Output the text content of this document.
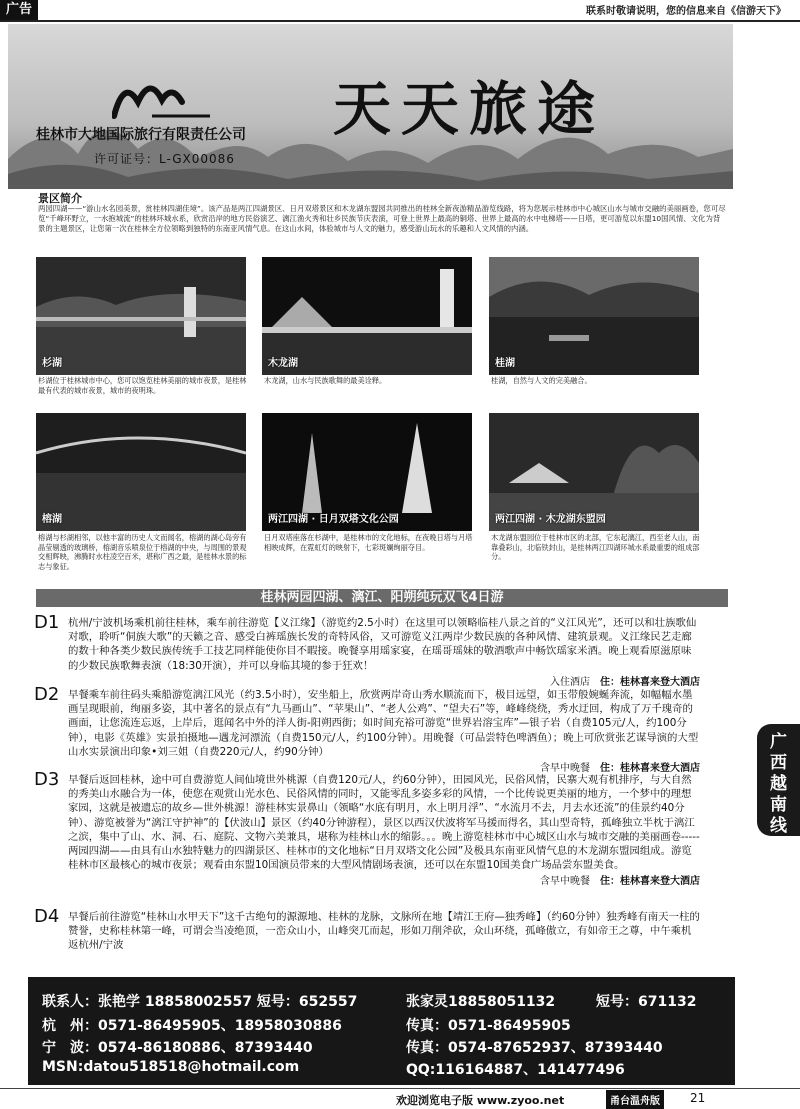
广告	联系时敬请说明，您的信息来自《信游天下》
桂林市大地国际旅行有限责任公司
许可证号：L-GX00086
天天旅途
景区简介
两园四湖——“游山水名园美景，赏桂林四湖佳境”。该产品是两江四湖景区、日月双塔景区和木龙湖东盟园共同推出的桂林全新夜游精品游览线路，将为您展示桂林市中心城区山水与城市交融的美丽画卷，您可尽览“千峰环野立，一水抱城流”的桂林环城水系，欣赏沿岸的地方民俗演艺、漓江渔火秀和壮乡民族节庆表演，可登上世界上最高的铜塔、世界上最高的水中电梯塔——日塔，更可游览以东盟10国风情、文化为背景的主题景区，让您第一次在桂林全方位领略到独特的东南亚风情气息。在这山水间，体验城市与人文的魅力，感受游山玩水的乐趣和人文风情的内涵。
杉湖	木龙湖	桂湖
杉湖位于桂林城市中心，您可以饱览桂林美丽的城市夜景，是桂林最有代表的城市夜景，城市的夜明珠。
木龙湖，山水与民族歌舞的最美诠释。	桂湖，自然与人文的完美融合。
榕湖	两江四湖 · 日月双塔文化公园	两江四湖 · 木龙湖东盟园
榕湖与杉湖相邻，以他丰富的历史人文而闻名，榕湖的湖心岛旁有晶莹剔透的玻璃桥，榕湖音乐喷泉位于榕湖的中央，与周围的景观交相辉映，沸腾时水柱凌空百米，堪称广西之最，是桂林水景的标志与象征。
日月双塔座落在杉湖中，是桂林市的文化地标，在夜晚日塔与月塔相映成辉，在霓虹灯的映射下，七彩斑斓绚丽夺目。
木龙湖东盟园位于桂林市区的北部，它东起漓江，西至老人山，南靠叠彩山，北临铁封山，是桂林两江四湖环城水系最重要的组成部分。
桂林两园四湖、漓江、阳朔纯玩双飞4日游
D1 杭州/宁波机场乘机前往桂林，乘车前往游览【义江缘】（游览约2.5小时）在这里可以领略临桂八景之首的“义江风光”，还可以和壮族歌仙对歌，聆听“侗族大歌”的天籁之音、感受白裤瑶族长发的奇特风俗，又可游览义江两岸少数民族的各种风情、建筑景观。义江缘民艺走廊的数十种各类少数民族传统手工技艺同样能使你目不暇接。晚餐享用瑶家宴，在瑶哥瑶妹的敬酒歌声中畅饮瑶家米酒。晚上观看原滋原味的少数民族歌舞表演（18:30开演），并可以身临其境的参于狂欢！
入住酒店　 住：桂林喜来登大酒店
D2 早餐乘车前往码头乘船游览漓江风光（约3.5小时），安坐船上，欣赏两岸奇山秀水顺流而下，极目远望，如玉带般婉蜒奔流，如幅幅水墨画呈现眼前，绚丽多姿，其中著名的景点有“九马画山”、“苹果山”、“老人公鸡”、“望夫石”等，峰峰绕绕，秀水迂回，构成了万千瑰奇的画面，让您流连忘返，上岸后，逛闻名中外的洋人街-阳朔西街；如时间充裕可游览“世界岩溶宝库”—银子岩（自费105元/人，约100分钟），电影《英雄》实景拍摄地—遇龙河漂流（自费150元/人，约100分钟）。用晚餐（可品尝特色啤酒鱼）；晚上可欣赏张艺谋导演的大型山水实景演出印象•刘三姐（自费220元/人，约90分钟）
含早中晚餐　 住：桂林喜来登大酒店
D3 早餐后返回桂林，途中可自费游览人间仙境世外桃源（自费120元/人，约60分钟），田园风光，民俗风情，民寨大观有机排序，与大自然的秀美山水融合为一体，使您在观赏山光水色、民俗风情的同时，又能零乱多姿多彩的风情，一个比传说更美丽的地方，一个梦中的理想家园，这就是被遗忘的故乡—世外桃源！游桂林实景鼻山（领略“水底有明月，水上明月浮”、“水流月不去，月去水还流”的佳景约40分钟）、游览被誉为“漓江守护神”的【伏波山】景区（约40分钟游程），景区以西汉伏波将军马援而得名，其山型奇特，孤峰独立半枕于漓江之滨，集中了山、水、洞、石、庭院、文物六美兼具，堪称为桂林山水的缩影。。。晚上游览桂林市中心城区山水与城市交融的美丽画卷-----两园四湖——由具有山水独特魅力的四湖景区、桂林市的文化地标“日月双塔文化公园”及极具东南亚风情气息的木龙湖东盟园组成。游览桂林市区最核心的城市夜景；观看由东盟10国演员带来的大型风情剧场表演，还可以在东盟10国美食广场品尝东盟美食。
含早中晚餐　 住：桂林喜来登大酒店
D4 早餐后前往游览“桂林山水甲天下”这千古绝句的源源地、桂林的龙脉，文脉所在地【靖江王府—独秀峰】（约60分钟）独秀峰有南天一柱的赞誉，史称桂林第一峰，可谓会当凌绝顶，一峦众山小，山峰突兀而起，形如刀削斧砍，众山环绕，孤峰傲立，有如帝王之尊，中午乘机返杭州/宁波
广
西
越
南
线
联系人：张艳学 18858002557 短号：652557	张家灵18858051132	短号：671132
杭　州：0571-86495905、18958030886	传真：0571-86495905
宁　波：0574-86180886、87393440	传真：0574-87652937、87393440
MSN:datou518518@hotmail.com	QQ:116164887、141477496
欢迎浏览电子版 www.zyoo.net	甬台温舟版	21
